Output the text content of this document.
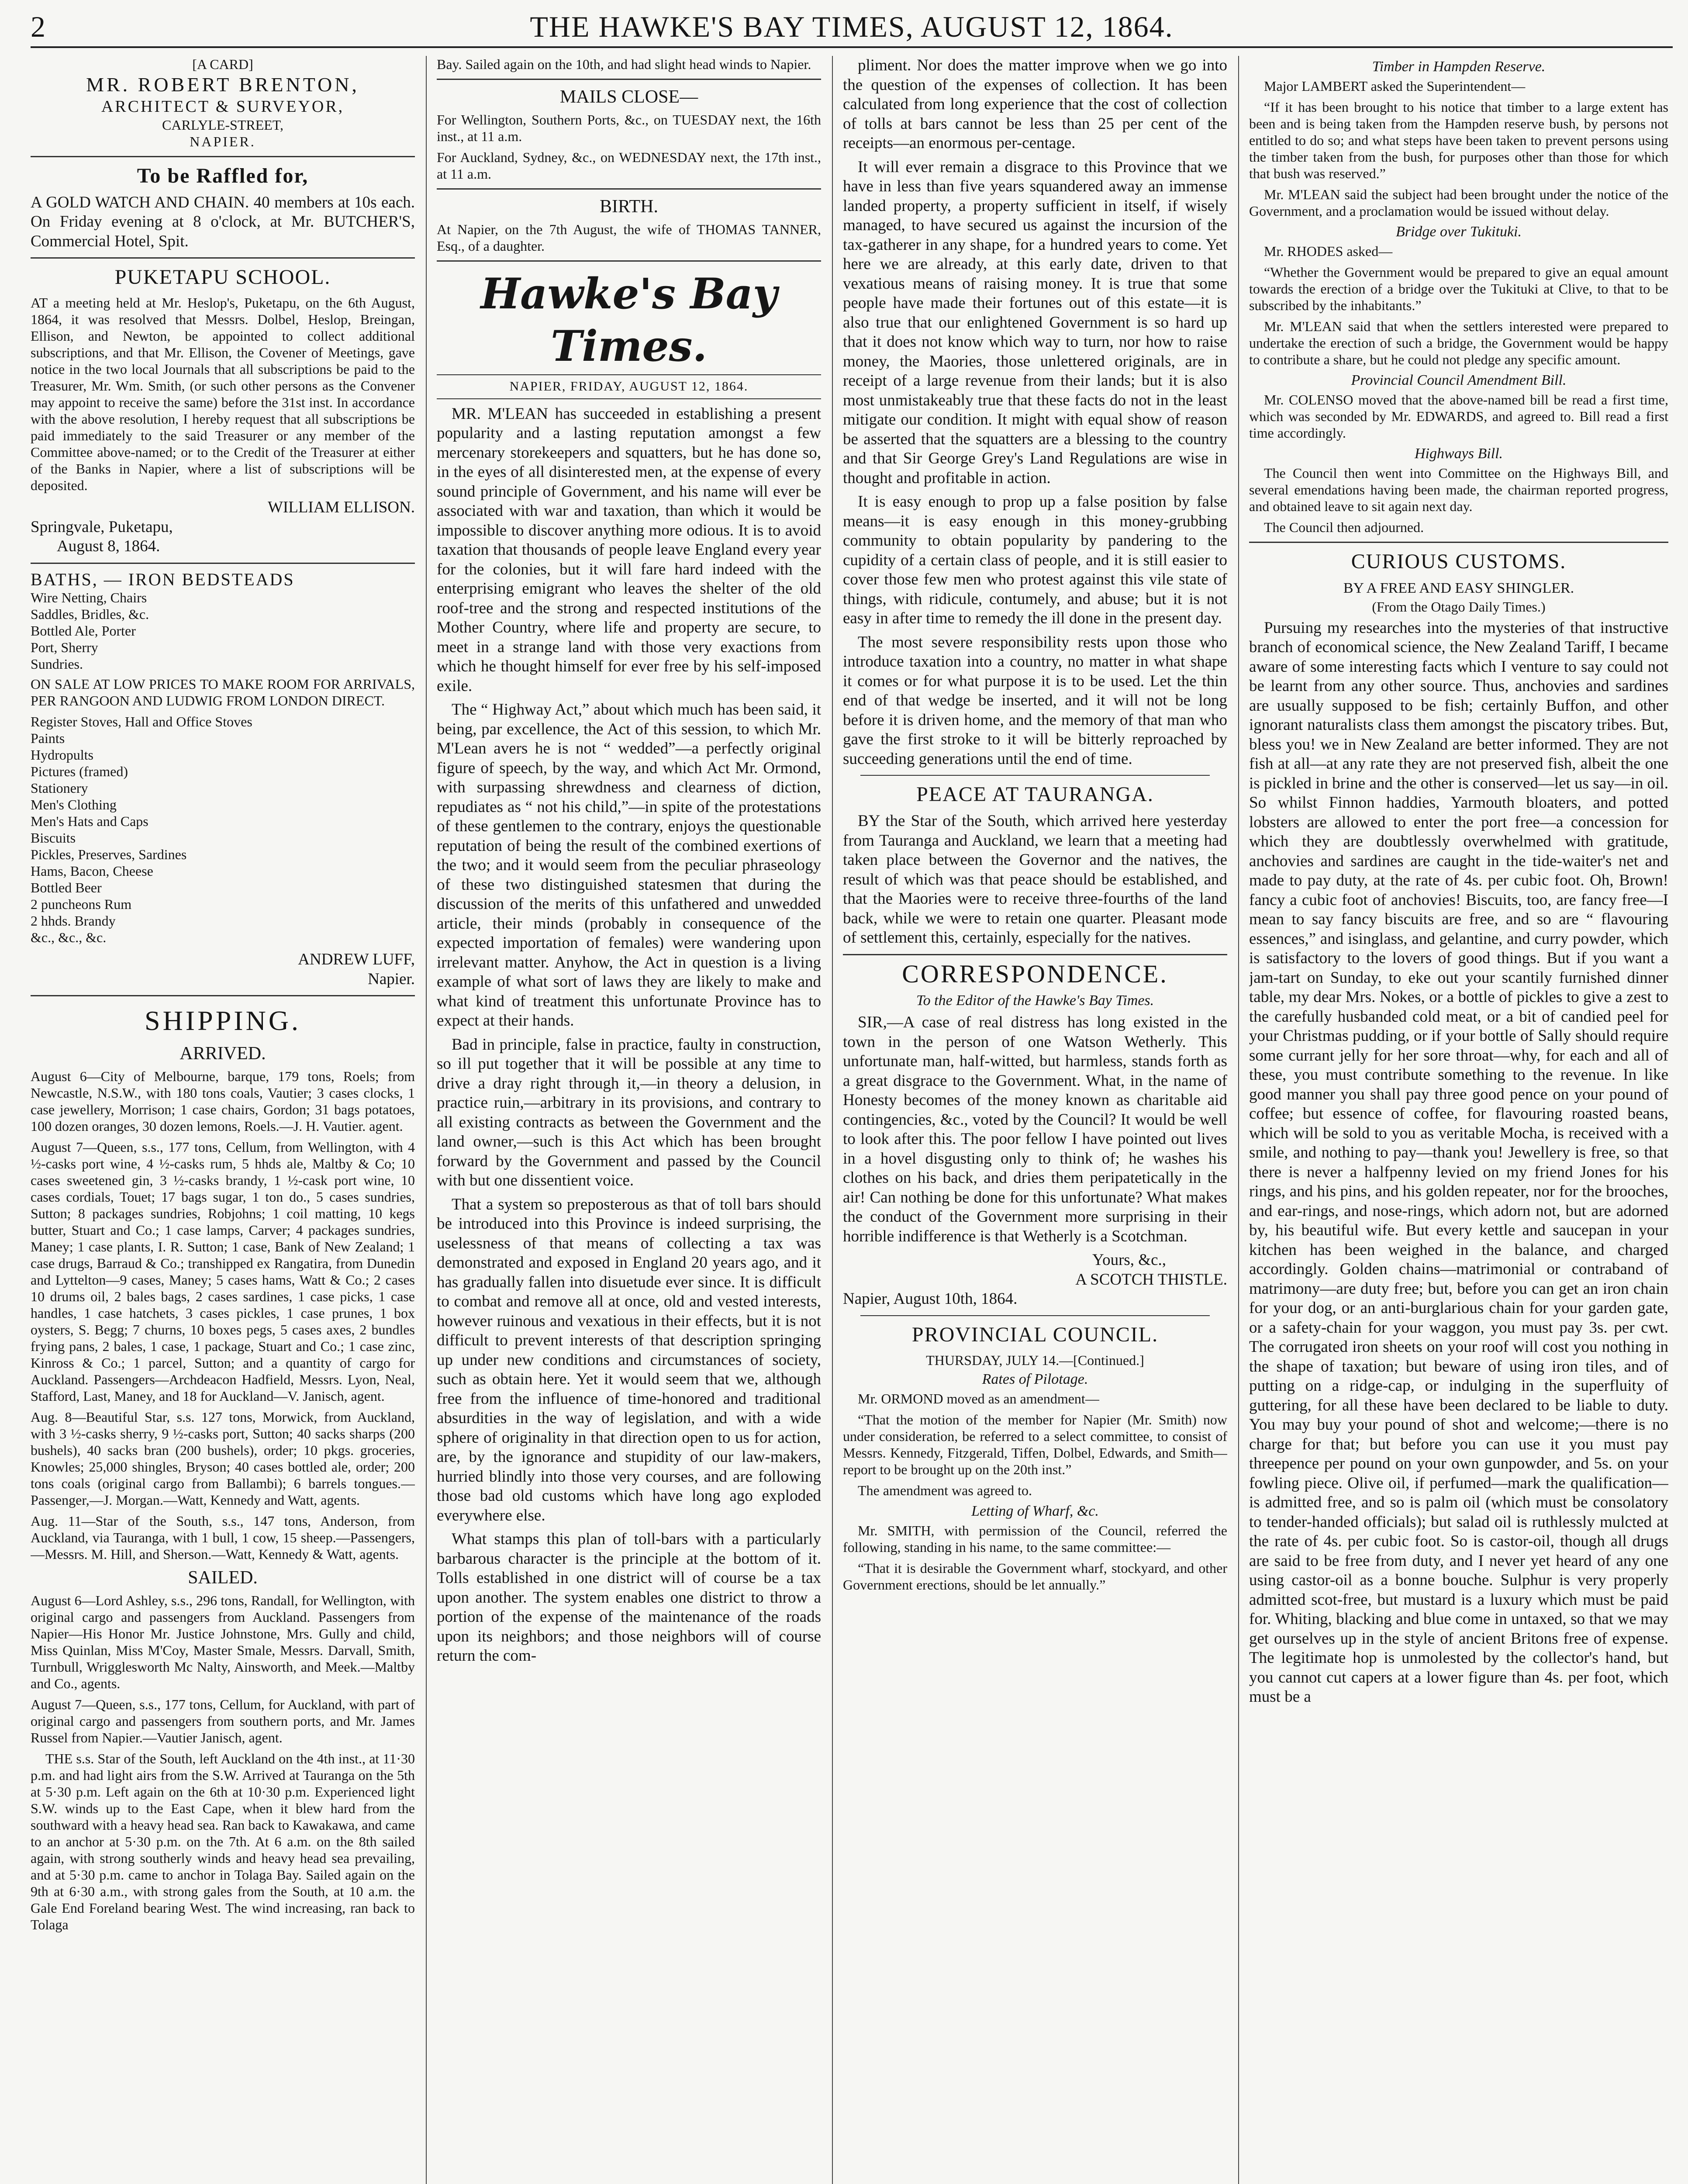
2	THE HAWKE'S BAY TIMES, AUGUST 12, 1864.
[A CARD]
MR. ROBERT BRENTON,
ARCHITECT & SURVEYOR,
CARLYLE-STREET,
NAPIER.
To be Raffled for,

A GOLD WATCH AND CHAIN. 40 members at 10s each. On Friday evening at 8 o'clock, at Mr. BUTCHER'S, Commercial Hotel, Spit.

PUKETAPU SCHOOL.

AT a meeting held at Mr. Heslop's, Puketapu, on the 6th August, 1864, it was resolved that Messrs. Dolbel, Heslop, Breingan, Ellison, and Newton, be appointed to collect additional subscriptions, and that Mr. Ellison, the Covener of Meetings, gave notice in the two local Journals that all subscriptions be paid to the Treasurer, Mr. Wm. Smith, (or such other persons as the Convener may appoint to receive the same) before the 31st inst. In accordance with the above resolution, I hereby request that all subscriptions be paid immediately to the said Treasurer or any member of the Committee above-named; or to the Credit of the Treasurer at either of the Banks in Napier, where a list of subscriptions will be deposited.

WILLIAM ELLISON.
Springvale, Puketapu,
August 8, 1864.
BATHS, — IRON BEDSTEADS
Wire Netting, Chairs
Saddles, Bridles, &c.
Bottled Ale, Porter
Port, Sherry
Sundries.

ON SALE AT LOW PRICES TO MAKE ROOM FOR ARRIVALS, PER RANGOON AND LUDWIG FROM LONDON DIRECT.

Register Stoves, Hall and Office Stoves
Paints
Hydropults
Pictures (framed)
Stationery
Men's Clothing
Men's Hats and Caps
Biscuits
Pickles, Preserves, Sardines
Hams, Bacon, Cheese
Bottled Beer
2 puncheons Rum
2 hhds. Brandy
&c., &c., &c.
ANDREW LUFF,
Napier.
SHIPPING.
ARRIVED.

August 6—City of Melbourne, barque, 179 tons, Roels; from Newcastle, N.S.W., with 180 tons coals, Vautier; 3 cases clocks, 1 case jewellery, Morrison; 1 case chairs, Gordon; 31 bags potatoes, 100 dozen oranges, 30 dozen lemons, Roels.—J. H. Vautier. agent.

August 7—Queen, s.s., 177 tons, Cellum, from Wellington, with 4 ½-casks port wine, 4 ½-casks rum, 5 hhds ale, Maltby & Co; 10 cases sweetened gin, 3 ½-casks brandy, 1 ½-cask port wine, 10 cases cordials, Touet; 17 bags sugar, 1 ton do., 5 cases sundries, Sutton; 8 packages sundries, Robjohns; 1 coil matting, 10 kegs butter, Stuart and Co.; 1 case lamps, Carver; 4 packages sundries, Maney; 1 case plants, I. R. Sutton; 1 case, Bank of New Zealand; 1 case drugs, Barraud & Co.; transhipped ex Rangatira, from Dunedin and Lyttelton—9 cases, Maney; 5 cases hams, Watt & Co.; 2 cases 10 drums oil, 2 bales bags, 2 cases sardines, 1 case picks, 1 case handles, 1 case hatchets, 3 cases pickles, 1 case prunes, 1 box oysters, S. Begg; 7 churns, 10 boxes pegs, 5 cases axes, 2 bundles frying pans, 2 bales, 1 case, 1 package, Stuart and Co.; 1 case zinc, Kinross & Co.; 1 parcel, Sutton; and a quantity of cargo for Auckland. Passengers—Archdeacon Hadfield, Messrs. Lyon, Neal, Stafford, Last, Maney, and 18 for Auckland—V. Janisch, agent.

Aug. 8—Beautiful Star, s.s. 127 tons, Morwick, from Auckland, with 3 ½-casks sherry, 9 ½-casks port, Sutton; 40 sacks sharps (200 bushels), 40 sacks bran (200 bushels), order; 10 pkgs. groceries, Knowles; 25,000 shingles, Bryson; 40 cases bottled ale, order; 200 tons coals (original cargo from Ballambi); 6 barrels tongues.—Passenger,—J. Morgan.—Watt, Kennedy and Watt, agents.

Aug. 11—Star of the South, s.s., 147 tons, Anderson, from Auckland, via Tauranga, with 1 bull, 1 cow, 15 sheep.—Passengers,—Messrs. M. Hill, and Sherson.—Watt, Kennedy & Watt, agents.

SAILED.

August 6—Lord Ashley, s.s., 296 tons, Randall, for Wellington, with original cargo and passengers from Auckland. Passengers from Napier—His Honor Mr. Justice Johnstone, Mrs. Gully and child, Miss Quinlan, Miss M'Coy, Master Smale, Messrs. Darvall, Smith, Turnbull, Wrigglesworth Mc Nalty, Ainsworth, and Meek.—Maltby and Co., agents.

August 7—Queen, s.s., 177 tons, Cellum, for Auckland, with part of original cargo and passengers from southern ports, and Mr. James Russel from Napier.—Vautier Janisch, agent.

THE s.s. Star of the South, left Auckland on the 4th inst., at 11·30 p.m. and had light airs from the S.W. Arrived at Tauranga on the 5th at 5·30 p.m. Left again on the 6th at 10·30 p.m. Experienced light S.W. winds up to the East Cape, when it blew hard from the southward with a heavy head sea. Ran back to Kawakawa, and came to an anchor at 5·30 p.m. on the 7th. At 6 a.m. on the 8th sailed again, with strong southerly winds and heavy head sea prevailing, and at 5·30 p.m. came to anchor in Tolaga Bay. Sailed again on the 9th at 6·30 a.m., with strong gales from the South, at 10 a.m. the Gale End Foreland bearing West. The wind increasing, ran back to Tolaga

Bay. Sailed again on the 10th, and had slight head winds to Napier.

MAILS CLOSE—

For Wellington, Southern Ports, &c., on TUESDAY next, the 16th inst., at 11 a.m.

For Auckland, Sydney, &c., on WEDNESDAY next, the 17th inst., at 11 a.m.

BIRTH.

At Napier, on the 7th August, the wife of THOMAS TANNER, Esq., of a daughter.

Hawke's Bay Times.
NAPIER, FRIDAY, AUGUST 12, 1864.

MR. M'LEAN has succeeded in establishing a present popularity and a lasting reputation amongst a few mercenary storekeepers and squatters, but he has done so, in the eyes of all disinterested men, at the expense of every sound principle of Government, and his name will ever be associated with war and taxation, than which it would be impossible to discover anything more odious. It is to avoid taxation that thousands of people leave England every year for the colonies, but it will fare hard indeed with the enterprising emigrant who leaves the shelter of the old roof-tree and the strong and respected institutions of the Mother Country, where life and property are secure, to meet in a strange land with those very exactions from which he thought himself for ever free by his self-imposed exile.

The “ Highway Act,” about which much has been said, it being, par excellence, the Act of this session, to which Mr. M'Lean avers he is not “ wedded”—a perfectly original figure of speech, by the way, and which Act Mr. Ormond, with surpassing shrewdness and clearness of diction, repudiates as “ not his child,”—in spite of the protestations of these gentlemen to the contrary, enjoys the questionable reputation of being the result of the combined exertions of the two; and it would seem from the peculiar phraseology of these two distinguished statesmen that during the discussion of the merits of this unfathered and unwedded article, their minds (probably in consequence of the expected importation of females) were wandering upon irrelevant matter. Anyhow, the Act in question is a living example of what sort of laws they are likely to make and what kind of treatment this unfortunate Province has to expect at their hands.

Bad in principle, false in practice, faulty in construction, so ill put together that it will be possible at any time to drive a dray right through it,—in theory a delusion, in practice ruin,—arbitrary in its provisions, and contrary to all existing contracts as between the Government and the land owner,—such is this Act which has been brought forward by the Government and passed by the Council with but one dissentient voice.

That a system so preposterous as that of toll bars should be introduced into this Province is indeed surprising, the uselessness of that means of collecting a tax was demonstrated and exposed in England 20 years ago, and it has gradually fallen into disuetude ever since. It is difficult to combat and remove all at once, old and vested interests, however ruinous and vexatious in their effects, but it is not difficult to prevent interests of that description springing up under new conditions and circumstances of society, such as obtain here. Yet it would seem that we, although free from the influence of time-honored and traditional absurdities in the way of legislation, and with a wide sphere of originality in that direction open to us for action, are, by the ignorance and stupidity of our law-makers, hurried blindly into those very courses, and are following those bad old customs which have long ago exploded everywhere else.

What stamps this plan of toll-bars with a particularly barbarous character is the principle at the bottom of it. Tolls established in one district will of course be a tax upon another. The system enables one district to throw a portion of the expense of the maintenance of the roads upon its neighbors; and those neighbors will of course return the com-

pliment. Nor does the matter improve when we go into the question of the expenses of collection. It has been calculated from long experience that the cost of collection of tolls at bars cannot be less than 25 per cent of the receipts—an enormous per-centage.

It will ever remain a disgrace to this Province that we have in less than five years squandered away an immense landed property, a property sufficient in itself, if wisely managed, to have secured us against the incursion of the tax-gatherer in any shape, for a hundred years to come. Yet here we are already, at this early date, driven to that vexatious means of raising money. It is true that some people have made their fortunes out of this estate—it is also true that our enlightened Government is so hard up that it does not know which way to turn, nor how to raise money, the Maories, those unlettered originals, are in receipt of a large revenue from their lands; but it is also most unmistakeably true that these facts do not in the least mitigate our condition. It might with equal show of reason be asserted that the squatters are a blessing to the country and that Sir George Grey's Land Regulations are wise in thought and profitable in action.

It is easy enough to prop up a false position by false means—it is easy enough in this money-grubbing community to obtain popularity by pandering to the cupidity of a certain class of people, and it is still easier to cover those few men who protest against this vile state of things, with ridicule, contumely, and abuse; but it is not easy in after time to remedy the ill done in the present day.

The most severe responsibility rests upon those who introduce taxation into a country, no matter in what shape it comes or for what purpose it is to be used. Let the thin end of that wedge be inserted, and it will not be long before it is driven home, and the memory of that man who gave the first stroke to it will be bitterly reproached by succeeding generations until the end of time.

PEACE AT TAURANGA.

BY the Star of the South, which arrived here yesterday from Tauranga and Auckland, we learn that a meeting had taken place between the Governor and the natives, the result of which was that peace should be established, and that the Maories were to receive three-fourths of the land back, while we were to retain one quarter. Pleasant mode of settlement this, certainly, especially for the natives.

CORRESPONDENCE.
To the Editor of the Hawke's Bay Times.

SIR,—A case of real distress has long existed in the town in the person of one Watson Wetherly. This unfortunate man, half-witted, but harmless, stands forth as a great disgrace to the Government. What, in the name of Honesty becomes of the money known as charitable aid contingencies, &c., voted by the Council? It would be well to look after this. The poor fellow I have pointed out lives in a hovel disgusting only to think of; he washes his clothes on his back, and dries them peripatetically in the air! Can nothing be done for this unfortunate? What makes the conduct of the Government more surprising in their horrible indifference is that Wetherly is a Scotchman.

Yours, &c.,
A SCOTCH THISTLE.
Napier, August 10th, 1864.
PROVINCIAL COUNCIL.
THURSDAY, JULY 14.—[Continued.]
Rates of Pilotage.

Mr. ORMOND moved as an amendment—

“That the motion of the member for Napier (Mr. Smith) now under consideration, be referred to a select committee, to consist of Messrs. Kennedy, Fitzgerald, Tiffen, Dolbel, Edwards, and Smith—report to be brought up on the 20th inst.”

The amendment was agreed to.

Letting of Wharf, &c.

Mr. SMITH, with permission of the Council, referred the following, standing in his name, to the same committee:—

“That it is desirable the Government wharf, stockyard, and other Government erections, should be let annually.”

Timber in Hampden Reserve.

Major LAMBERT asked the Superintendent—

“If it has been brought to his notice that timber to a large extent has been and is being taken from the Hampden reserve bush, by persons not entitled to do so; and what steps have been taken to prevent persons using the timber taken from the bush, for purposes other than those for which that bush was reserved.”

Mr. M'LEAN said the subject had been brought under the notice of the Government, and a proclamation would be issued without delay.

Bridge over Tukituki.

Mr. RHODES asked—

“Whether the Government would be prepared to give an equal amount towards the erection of a bridge over the Tukituki at Clive, to that to be subscribed by the inhabitants.”

Mr. M'LEAN said that when the settlers interested were prepared to undertake the erection of such a bridge, the Government would be happy to contribute a share, but he could not pledge any specific amount.

Provincial Council Amendment Bill.

Mr. COLENSO moved that the above-named bill be read a first time, which was seconded by Mr. EDWARDS, and agreed to. Bill read a first time accordingly.

Highways Bill.

The Council then went into Committee on the Highways Bill, and several emendations having been made, the chairman reported progress, and obtained leave to sit again next day.

The Council then adjourned.

CURIOUS CUSTOMS.
BY A FREE AND EASY SHINGLER.
(From the Otago Daily Times.)

Pursuing my researches into the mysteries of that instructive branch of economical science, the New Zealand Tariff, I became aware of some interesting facts which I venture to say could not be learnt from any other source. Thus, anchovies and sardines are usually supposed to be fish; certainly Buffon, and other ignorant naturalists class them amongst the piscatory tribes. But, bless you! we in New Zealand are better informed. They are not fish at all—at any rate they are not preserved fish, albeit the one is pickled in brine and the other is conserved—let us say—in oil. So whilst Finnon haddies, Yarmouth bloaters, and potted lobsters are allowed to enter the port free—a concession for which they are doubtlessly overwhelmed with gratitude, anchovies and sardines are caught in the tide-waiter's net and made to pay duty, at the rate of 4s. per cubic foot. Oh, Brown! fancy a cubic foot of anchovies! Biscuits, too, are fancy free—I mean to say fancy biscuits are free, and so are “ flavouring essences,” and isinglass, and gelantine, and curry powder, which is satisfactory to the lovers of good things. But if you want a jam-tart on Sunday, to eke out your scantily furnished dinner table, my dear Mrs. Nokes, or a bottle of pickles to give a zest to the carefully husbanded cold meat, or a bit of candied peel for your Christmas pudding, or if your bottle of Sally should require some currant jelly for her sore throat—why, for each and all of these, you must contribute something to the revenue. In like good manner you shall pay three good pence on your pound of coffee; but essence of coffee, for flavouring roasted beans, which will be sold to you as veritable Mocha, is received with a smile, and nothing to pay—thank you! Jewellery is free, so that there is never a halfpenny levied on my friend Jones for his rings, and his pins, and his golden repeater, nor for the brooches, and ear-rings, and nose-rings, which adorn not, but are adorned by, his beautiful wife. But every kettle and saucepan in your kitchen has been weighed in the balance, and charged accordingly. Golden chains—matrimonial or contraband of matrimony—are duty free; but, before you can get an iron chain for your dog, or an anti-burglarious chain for your garden gate, or a safety-chain for your waggon, you must pay 3s. per cwt. The corrugated iron sheets on your roof will cost you nothing in the shape of taxation; but beware of using iron tiles, and of putting on a ridge-cap, or indulging in the superfluity of guttering, for all these have been declared to be liable to duty. You may buy your pound of shot and welcome;—there is no charge for that; but before you can use it you must pay threepence per pound on your own gunpowder, and 5s. on your fowling piece. Olive oil, if perfumed—mark the qualification—is admitted free, and so is palm oil (which must be consolatory to tender-handed officials); but salad oil is ruthlessly mulcted at the rate of 4s. per cubic foot. So is castor-oil, though all drugs are said to be free from duty, and I never yet heard of any one using castor-oil as a bonne bouche. Sulphur is very properly admitted scot-free, but mustard is a luxury which must be paid for. Whiting, blacking and blue come in untaxed, so that we may get ourselves up in the style of ancient Britons free of expense. The legitimate hop is unmolested by the collector's hand, but you cannot cut capers at a lower figure than 4s. per foot, which must be a
